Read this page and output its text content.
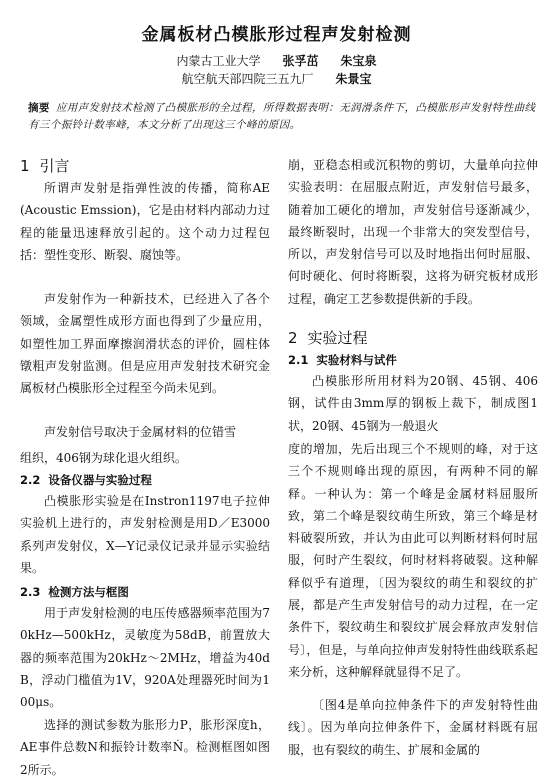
金属板材凸模胀形过程声发射检测
内蒙古工业大学 张孚茁 朱宝泉
航空航天部四院三五九厂 朱景宝
摘要 应用声发射技术检测了凸模胀形的全过程，所得数据表明：无润滑条件下，凸模胀形声发射特性曲线有三个振铃计数率峰，本文分析了出现这三个峰的原因。
1 引言

所谓声发射是指弹性波的传播，简称AE (Acoustic Emssion)，它是由材料内部动力过程的能量迅速释放引起的。这个动力过程包括：塑性变形、断裂、腐蚀等。

声发射作为一种新技术，已经进入了各个领域，金属塑性成形方面也得到了少量应用，如塑性加工界面摩擦润滑状态的评价，圆柱体镦粗声发射监测。但是应用声发射技术研究金属板材凸模胀形全过程至今尚未见到。

声发射信号取决于金属材料的位错雪

组织，406钢为球化退火组织。

2.2 设备仪器与实验过程

凸模胀形实验是在Instron1197电子拉伸实验机上进行的，声发射检测是用D／E3000系列声发射仪，X—Y记录仪记录并显示实验结果。

2.3 检测方法与框图

用于声发射检测的电压传感器频率范围为70kHz—500kHz，灵敏度为58dB，前置放大器的频率范围为20kHz～2MHz，增益为40dB，浮动门槛值为1V，920A处理器死时间为100μs。

选择的测试参数为胀形力P，胀形深度h，AE事件总数N和振铃计数率Ṅ。检测框图如图2所示。

崩，亚稳态相或沉积物的剪切，大量单向拉伸实验表明：在屈服点附近，声发射信号最多，随着加工硬化的增加，声发射信号逐渐减少，最终断裂时，出现一个非常大的突发型信号，所以，声发射信号可以及时地指出何时屈服、何时硬化、何时将断裂，这将为研究板材成形过程，确定工艺参数提供新的手段。

2 实验过程
2.1 实验材料与试件

凸模胀形所用材料为20钢、45钢、406钢，试件由3mm厚的钢板上裁下，制成图1状，20钢、45钢为一般退火

度的增加，先后出现三个不规则的峰，对于这三个不规则峰出现的原因，有两种不同的解释。一种认为：第一个峰是金属材料屈服所致，第二个峰是裂纹萌生所致，第三个峰是材料破裂所致，并认为由此可以判断材料何时屈服，何时产生裂纹，何时材料将破裂。这种解释似乎有道理，〔因为裂纹的萌生和裂纹的扩展，都是产生声发射信号的动力过程，在一定条件下，裂纹萌生和裂纹扩展会释放声发射信号〕，但是，与单向拉伸声发射特性曲线联系起来分析，这种解释就显得不足了。

〔图4是单向拉伸条件下的声发射特性曲线〕。因为单向拉伸条件下，金属材料既有屈服，也有裂纹的萌生、扩展和金属的
